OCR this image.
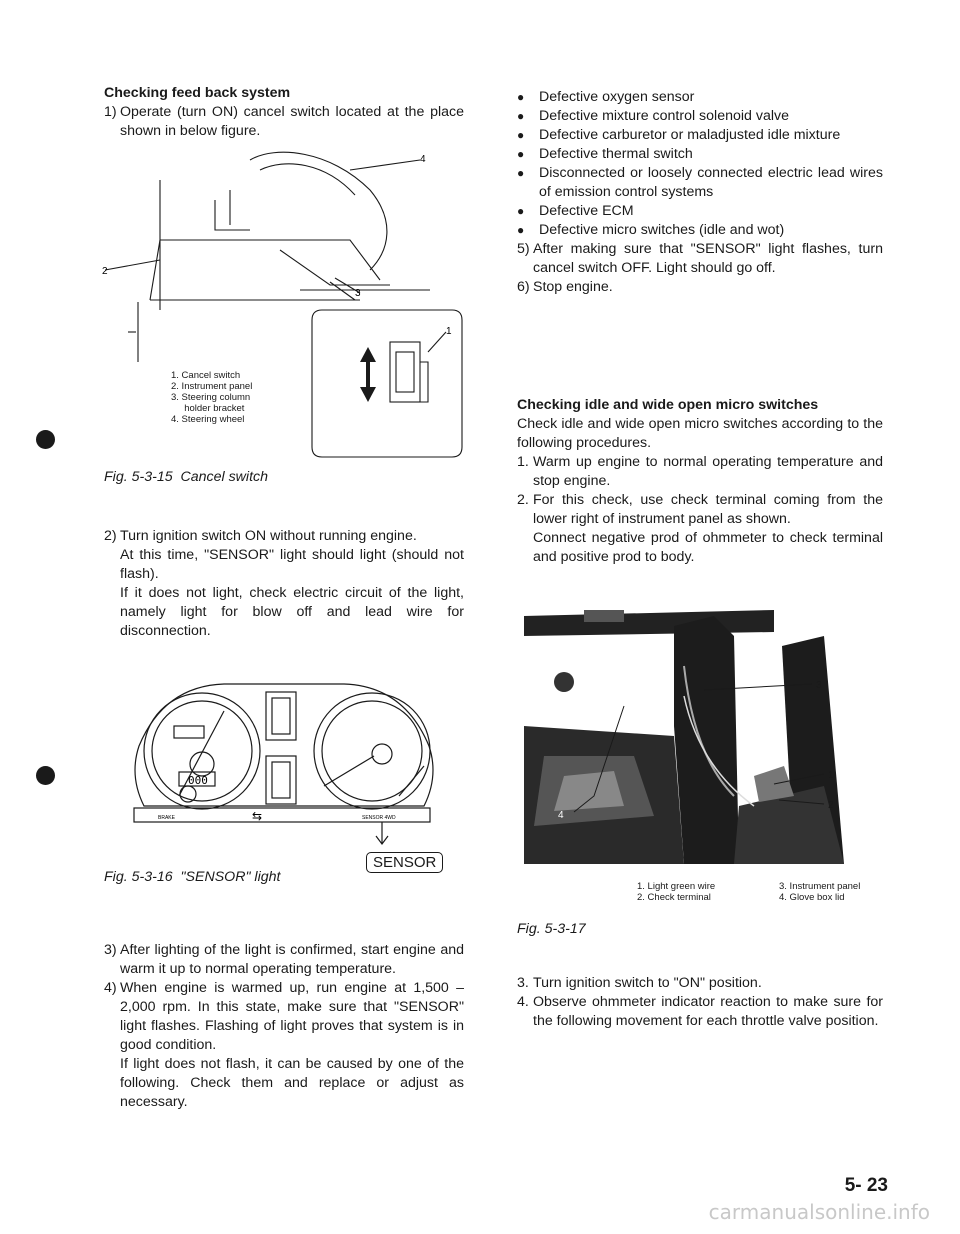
Checking feed back system

1) Operate (turn ON) cancel switch located at the place shown in below figure.
2
4
3
1
1. Cancel switch
2. Instrument panel
3. Steering column
holder bracket
4. Steering wheel
Fig. 5-3-15  Cancel switch
2) Turn ignition switch ON without running engine.
At this time, "SENSOR" light should light (should not flash).
If it does not light, check electric circuit of the light, namely light for blow off and lead wire for disconnection.
000
BRAKE	⇆	SENSOR 4WD
SENSOR
Fig. 5-3-16  "SENSOR" light
3) After lighting of the light is confirmed, start engine and warm it up to normal operating temperature.
4) When engine is warmed up, run engine at 1,500 – 2,000 rpm. In this state, make sure that "SENSOR" light flashes. Flashing of light proves that system is in good condition.
If light does not flash, it can be caused by one of the following. Check them and replace or adjust as necessary.
●	Defective oxygen sensor
●	Defective mixture control solenoid valve
●	Defective carburetor or maladjusted idle mixture
●	Defective thermal switch
●	Disconnected or loosely connected electric lead wires of emission control systems
●	Defective ECM
●	Defective micro switches (idle and wot)
5) After making sure that "SENSOR" light flashes, turn cancel switch OFF. Light should go off.
6) Stop engine.

Checking idle and wide open micro switches

Check idle and wide open micro switches according to the following procedures.

1. Warm up engine to normal operating temperature and stop engine.
2. For this check, use check terminal coming from the lower right of instrument panel as shown.
Connect negative prod of ohmmeter to check terminal and positive prod to body.
3
1
2
4
1. Light green wire
2. Check terminal
3. Instrument panel
4. Glove box lid
Fig. 5-3-17
3. Turn ignition switch to "ON" position.
4. Observe ohmmeter indicator reaction to make sure for the following movement for each throttle valve position.
5- 23
carmanualsonline.info
